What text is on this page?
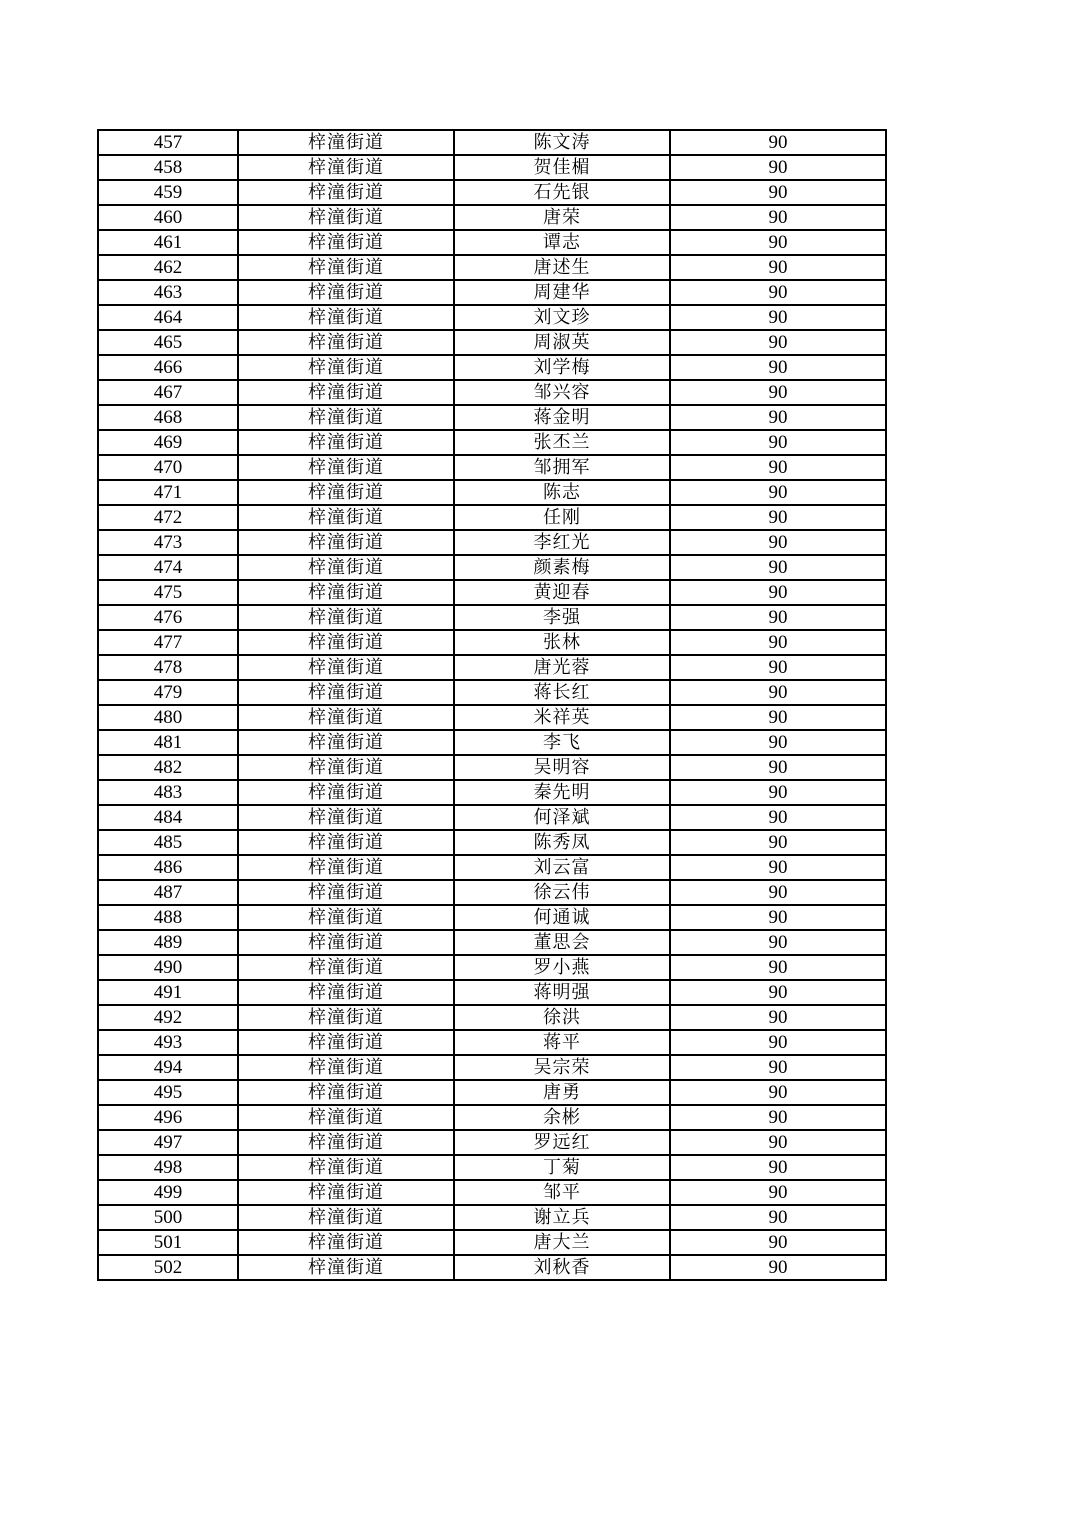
457	梓潼街道	陈文涛	90
458	梓潼街道	贺佳楣	90
459	梓潼街道	石先银	90
460	梓潼街道	唐荣	90
461	梓潼街道	谭志	90
462	梓潼街道	唐述生	90
463	梓潼街道	周建华	90
464	梓潼街道	刘文珍	90
465	梓潼街道	周淑英	90
466	梓潼街道	刘学梅	90
467	梓潼街道	邹兴容	90
468	梓潼街道	蒋金明	90
469	梓潼街道	张丕兰	90
470	梓潼街道	邹拥军	90
471	梓潼街道	陈志	90
472	梓潼街道	任刚	90
473	梓潼街道	李红光	90
474	梓潼街道	颜素梅	90
475	梓潼街道	黄迎春	90
476	梓潼街道	李强	90
477	梓潼街道	张林	90
478	梓潼街道	唐光蓉	90
479	梓潼街道	蒋长红	90
480	梓潼街道	米祥英	90
481	梓潼街道	李飞	90
482	梓潼街道	吴明容	90
483	梓潼街道	秦先明	90
484	梓潼街道	何泽斌	90
485	梓潼街道	陈秀凤	90
486	梓潼街道	刘云富	90
487	梓潼街道	徐云伟	90
488	梓潼街道	何通诚	90
489	梓潼街道	董思会	90
490	梓潼街道	罗小燕	90
491	梓潼街道	蒋明强	90
492	梓潼街道	徐洪	90
493	梓潼街道	蒋平	90
494	梓潼街道	吴宗荣	90
495	梓潼街道	唐勇	90
496	梓潼街道	余彬	90
497	梓潼街道	罗远红	90
498	梓潼街道	丁菊	90
499	梓潼街道	邹平	90
500	梓潼街道	谢立兵	90
501	梓潼街道	唐大兰	90
502	梓潼街道	刘秋香	90
